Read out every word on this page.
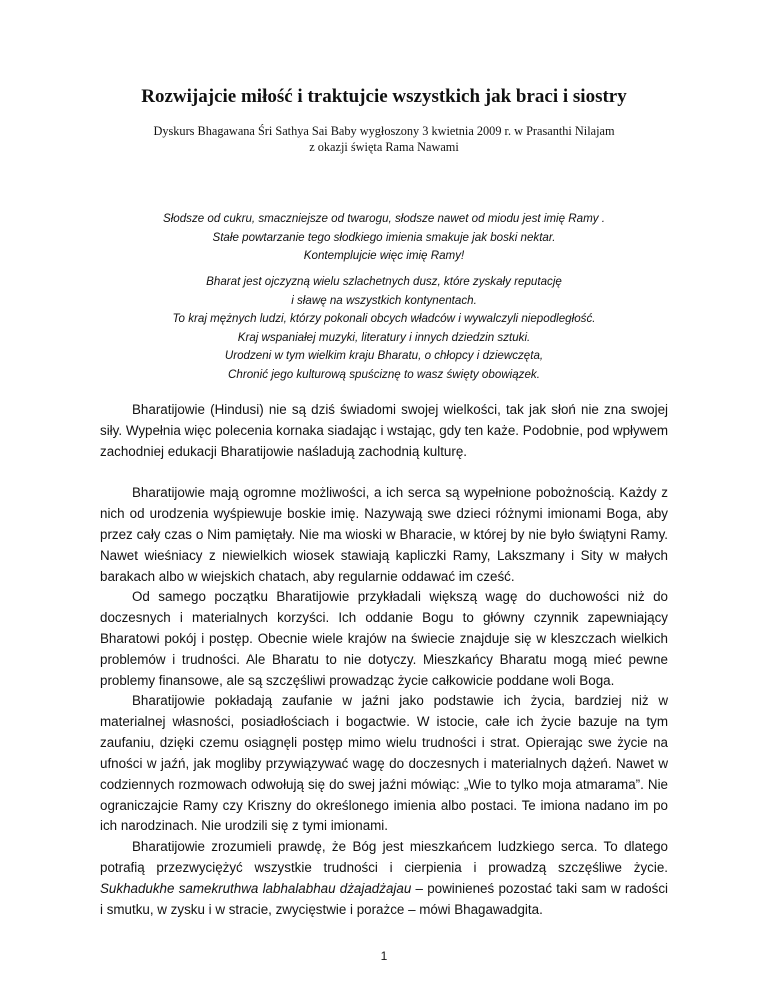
Rozwijajcie miłość i traktujcie wszystkich jak braci i siostry
Dyskurs Bhagawana Śri Sathya Sai Baby wygłoszony 3 kwietnia 2009 r. w Prasanthi Nilajam
z okazji święta Rama Nawami
Słodsze od cukru, smaczniejsze od twarogu, słodsze nawet od miodu jest imię Ramy .
Stałe powtarzanie tego słodkiego imienia smakuje jak boski nektar.
Kontemplujcie więc imię Ramy!
Bharat jest ojczyzną wielu szlachetnych dusz, które zyskały reputację
i sławę na wszystkich kontynentach.
To kraj mężnych ludzi, którzy pokonali obcych władców i wywalczyli niepodległość.
Kraj wspaniałej muzyki, literatury i innych dziedzin sztuki.
Urodzeni w tym wielkim kraju Bharatu, o chłopcy i dziewczęta,
Chronić jego kulturową spuściznę to wasz święty obowiązek.

Bharatijowie (Hindusi) nie są dziś świadomi swojej wielkości, tak jak słoń nie zna swojej siły. Wypełnia więc polecenia kornaka siadając i wstając, gdy ten każe. Podobnie, pod wpływem zachodniej edukacji Bharatijowie naśladują zachodnią kulturę.

Bharatijowie mają ogromne możliwości, a ich serca są wypełnione pobożnością. Każdy z nich od urodzenia wyśpiewuje boskie imię. Nazywają swe dzieci różnymi imionami Boga, aby przez cały czas o Nim pamiętały. Nie ma wioski w Bharacie, w której by nie było świątyni Ramy. Nawet wieśniacy z niewielkich wiosek stawiają kapliczki Ramy, Lakszmany i Sity w małych barakach albo w wiejskich chatach, aby regularnie oddawać im cześć.

Od samego początku Bharatijowie przykładali większą wagę do duchowości niż do doczesnych i materialnych korzyści. Ich oddanie Bogu to główny czynnik zapewniający Bharatowi pokój i postęp. Obecnie wiele krajów na świecie znajduje się w kleszczach wielkich problemów i trudności. Ale Bharatu to nie dotyczy. Mieszkańcy Bharatu mogą mieć pewne problemy finansowe, ale są szczęśliwi prowadząc życie całkowicie poddane woli Boga.

Bharatijowie pokładają zaufanie w jaźni jako podstawie ich życia, bardziej niż w materialnej własności, posiadłościach i bogactwie. W istocie, całe ich życie bazuje na tym zaufaniu, dzięki czemu osiągnęli postęp mimo wielu trudności i strat. Opierając swe życie na ufności w jaźń, jak mogliby przywiązywać wagę do doczesnych i materialnych dążeń. Nawet w codziennych rozmowach odwołują się do swej jaźni mówiąc: „Wie to tylko moja atmarama”. Nie ograniczajcie Ramy czy Kriszny do określonego imienia albo postaci. Te imiona nadano im po ich narodzinach. Nie urodzili się z tymi imionami.

Bharatijowie zrozumieli prawdę, że Bóg jest mieszkańcem ludzkiego serca. To dlatego potrafią przezwyciężyć wszystkie trudności i cierpienia i prowadzą szczęśliwe życie. Sukhadukhe samekruthwa labhalabhau dżajadżajau – powinieneś pozostać taki sam w radości i smutku, w zysku i w stracie, zwycięstwie i porażce – mówi Bhagawadgita.

1
